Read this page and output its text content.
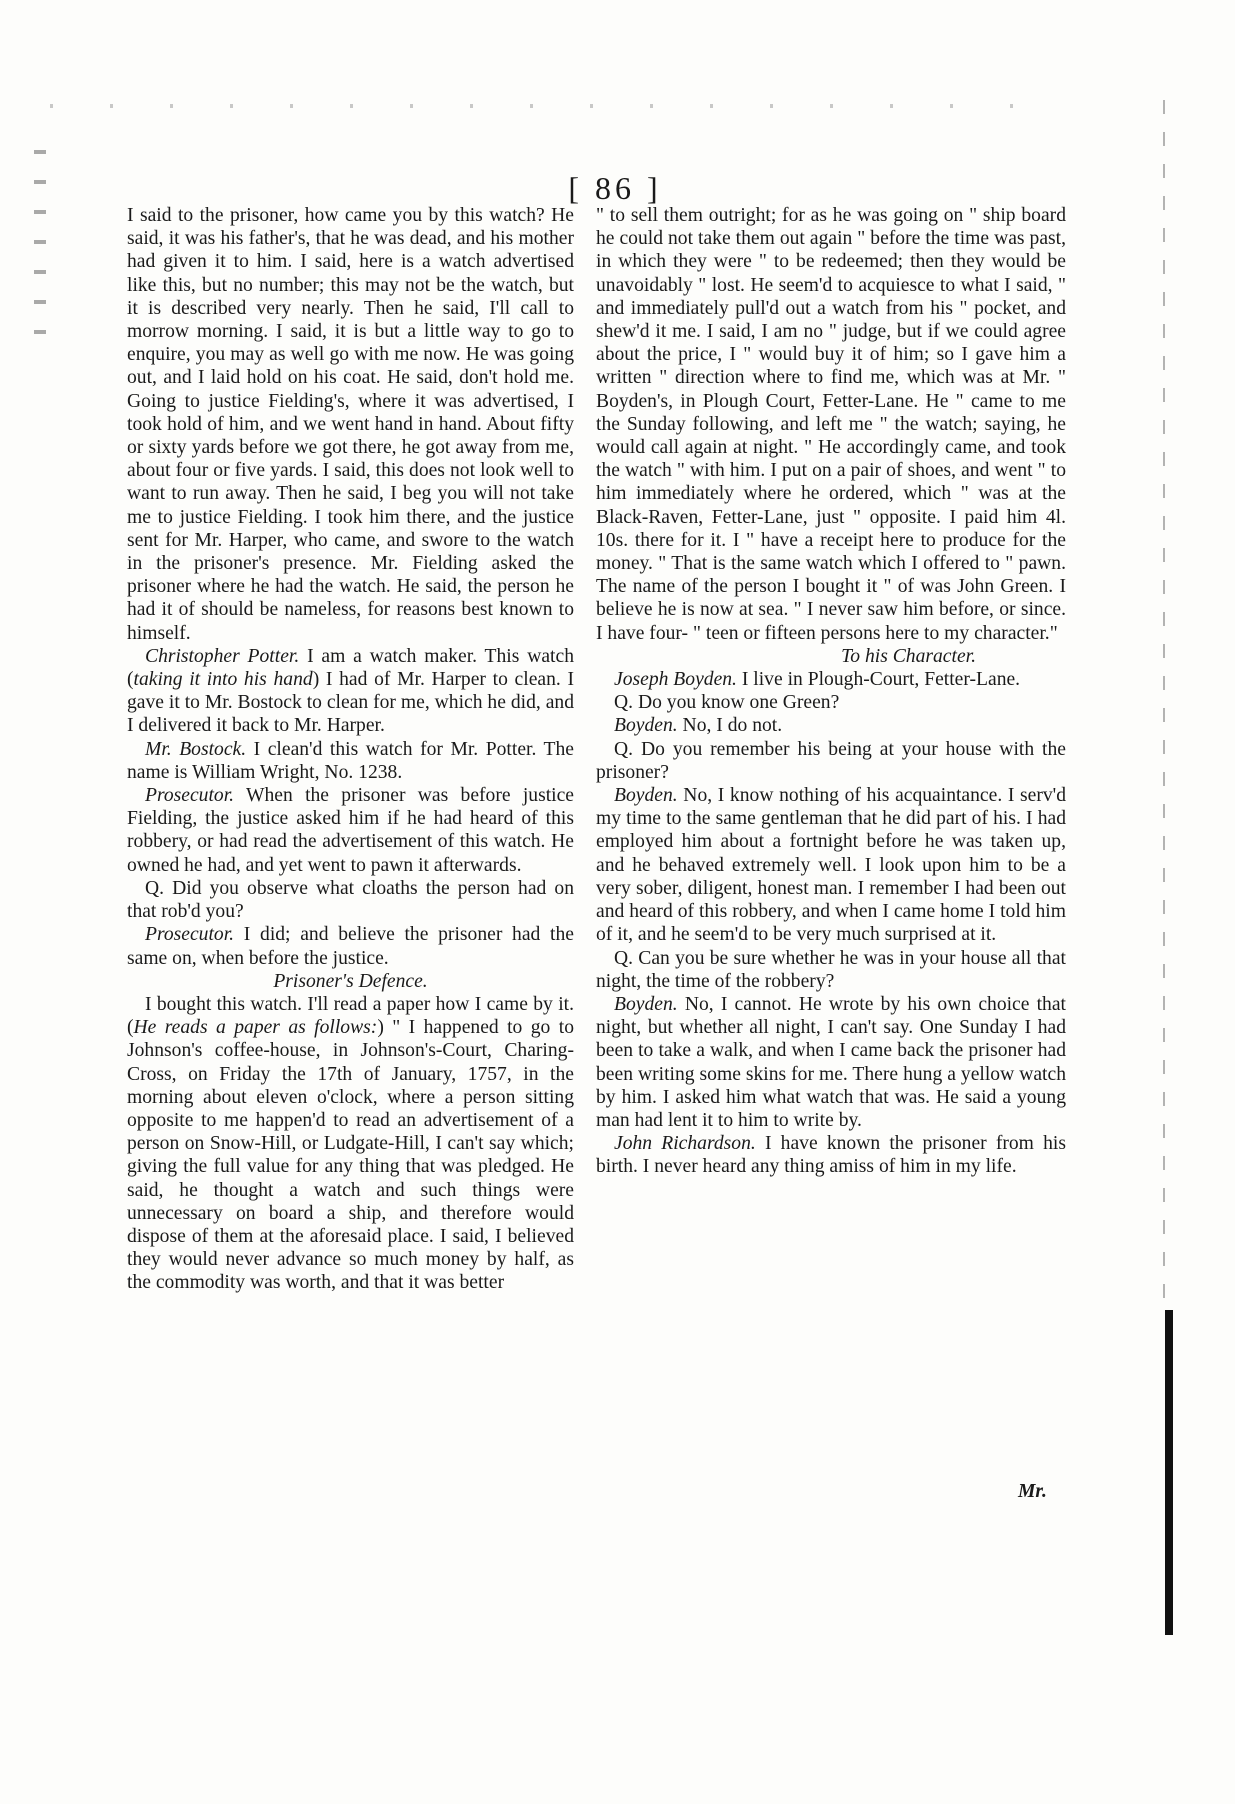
[ 86 ]

I said to the prisoner, how came you by this watch? He said, it was his father's, that he was dead, and his mother had given it to him. I said, here is a watch advertised like this, but no number; this may not be the watch, but it is described very nearly. Then he said, I'll call to morrow morning. I said, it is but a little way to go to enquire, you may as well go with me now. He was going out, and I laid hold on his coat. He said, don't hold me. Going to justice Fielding's, where it was advertised, I took hold of him, and we went hand in hand. About fifty or sixty yards before we got there, he got away from me, about four or five yards. I said, this does not look well to want to run away. Then he said, I beg you will not take me to justice Fielding. I took him there, and the justice sent for Mr. Harper, who came, and swore to the watch in the prisoner's presence. Mr. Fielding asked the prisoner where he had the watch. He said, the person he had it of should be nameless, for reasons best known to himself.

Christopher Potter. I am a watch maker. This watch (taking it into his hand) I had of Mr. Harper to clean. I gave it to Mr. Bostock to clean for me, which he did, and I delivered it back to Mr. Harper.

Mr. Bostock. I clean'd this watch for Mr. Potter. The name is William Wright, No. 1238.

Prosecutor. When the prisoner was before justice Fielding, the justice asked him if he had heard of this robbery, or had read the advertisement of this watch. He owned he had, and yet went to pawn it afterwards.

Q. Did you observe what cloaths the person had on that rob'd you?

Prosecutor. I did; and believe the prisoner had the same on, when before the justice.

Prisoner's Defence.

I bought this watch. I'll read a paper how I came by it. (He reads a paper as follows:) " I happened to go to Johnson's coffee-house, in Johnson's-Court, Charing-Cross, on Friday the 17th of January, 1757, in the morning about eleven o'clock, where a person sitting opposite to me happen'd to read an advertisement of a person on Snow-Hill, or Ludgate-Hill, I can't say which; giving the full value for any thing that was pledged. He said, he thought a watch and such things were unnecessary on board a ship, and therefore would dispose of them at the aforesaid place. I said, I believed they would never advance so much money by half, as the commodity was worth, and that it was better

" to sell them outright; for as he was going on " ship board he could not take them out again " before the time was past, in which they were " to be redeemed; then they would be unavoidably " lost. He seem'd to acquiesce to what I said, " and immediately pull'd out a watch from his " pocket, and shew'd it me. I said, I am no " judge, but if we could agree about the price, I " would buy it of him; so I gave him a written " direction where to find me, which was at Mr. " Boyden's, in Plough Court, Fetter-Lane. He " came to me the Sunday following, and left me " the watch; saying, he would call again at night. " He accordingly came, and took the watch " with him. I put on a pair of shoes, and went " to him immediately where he ordered, which " was at the Black-Raven, Fetter-Lane, just " opposite. I paid him 4l. 10s. there for it. I " have a receipt here to produce for the money. " That is the same watch which I offered to " pawn. The name of the person I bought it " of was John Green. I believe he is now at sea. " I never saw him before, or since. I have four- " teen or fifteen persons here to my character."

To his Character.

Joseph Boyden. I live in Plough-Court, Fetter-Lane.

Q. Do you know one Green?

Boyden. No, I do not.

Q. Do you remember his being at your house with the prisoner?

Boyden. No, I know nothing of his acquaintance. I serv'd my time to the same gentleman that he did part of his. I had employed him about a fortnight before he was taken up, and he behaved extremely well. I look upon him to be a very sober, diligent, honest man. I remember I had been out and heard of this robbery, and when I came home I told him of it, and he seem'd to be very much surprised at it.

Q. Can you be sure whether he was in your house all that night, the time of the robbery?

Boyden. No, I cannot. He wrote by his own choice that night, but whether all night, I can't say. One Sunday I had been to take a walk, and when I came back the prisoner had been writing some skins for me. There hung a yellow watch by him. I asked him what watch that was. He said a young man had lent it to him to write by.

John Richardson. I have known the prisoner from his birth. I never heard any thing amiss of him in my life.

Mr.
